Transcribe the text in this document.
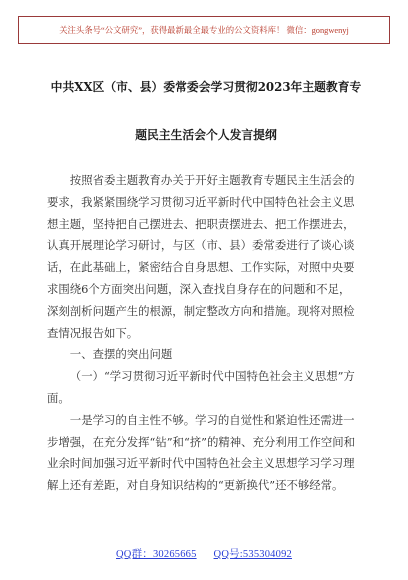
关注头条号“公文研究”，获得最新最全最专业的公文资料库！ 微信：gongwenyj
中共XX区（市、县）委常委会学习贯彻2023年主题教育专
题民主生活会个人发言提纲

按照省委主题教育办关于开好主题教育专题民主生活会的要求，我紧紧围绕学习贯彻习近平新时代中国特色社会主义思想主题，坚持把自己摆进去、把职责摆进去、把工作摆进去，认真开展理论学习研讨，与区（市、县）委常委进行了谈心谈话，在此基础上，紧密结合自身思想、工作实际，对照中央要求围绕6个方面突出问题，深入查找自身存在的问题和不足，深刻剖析问题产生的根源，制定整改方向和措施。现将对照检查情况报告如下。

一、查摆的突出问题

（一）“学习贯彻习近平新时代中国特色社会主义思想”方面。

一是学习的自主性不够。学习的自觉性和紧迫性还需进一步增强，在充分发挥“钻”和“挤”的精神、充分利用工作空间和业余时间加强习近平新时代中国特色社会主义思想学习学习理解上还有差距，对自身知识结构的“更新换代”还不够经常。

QQ群：30265665 QQ号:535304092
